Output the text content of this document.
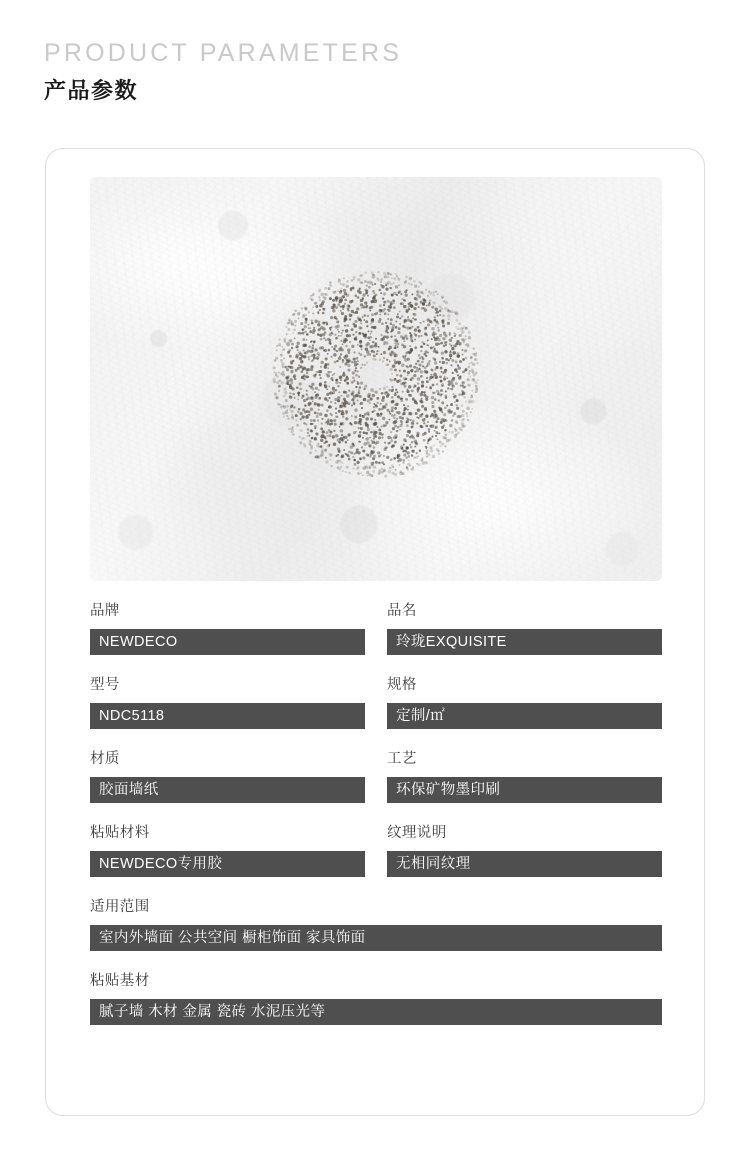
PRODUCT PARAMETERS
产品参数
品牌
NEWDECO
品名
玲珑EXQUISITE
型号
NDC5118
规格
定制/㎡
材质
胶面墙纸
工艺
环保矿物墨印刷
粘贴材料
NEWDECO专用胶
纹理说明
无相同纹理
适用范围
室内外墙面 公共空间 橱柜饰面 家具饰面
粘贴基材
腻子墙 木材 金属 瓷砖 水泥压光等
